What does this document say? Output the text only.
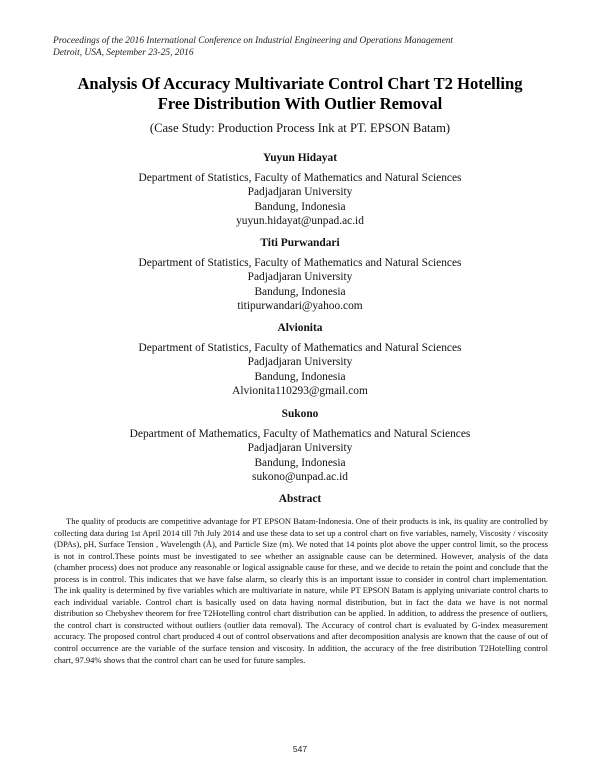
Proceedings of the 2016 International Conference on Industrial Engineering and Operations Management
Detroit, USA, September 23-25, 2016
Analysis Of Accuracy Multivariate Control Chart T2 Hotelling
Free Distribution With Outlier Removal
(Case Study: Production Process Ink at PT. EPSON Batam)
Yuyun Hidayat
Department of Statistics, Faculty of Mathematics and Natural Sciences
Padjadjaran University
Bandung, Indonesia
yuyun.hidayat@unpad.ac.id
Titi Purwandari
Department of Statistics, Faculty of Mathematics and Natural Sciences
Padjadjaran University
Bandung, Indonesia
titipurwandari@yahoo.com
Alvionita
Department of Statistics, Faculty of Mathematics and Natural Sciences
Padjadjaran University
Bandung, Indonesia
Alvionita110293@gmail.com
Sukono
Department of Mathematics, Faculty of Mathematics and Natural Sciences
Padjadjaran University
Bandung, Indonesia
sukono@unpad.ac.id
Abstract
The quality of products are competitive advantage for PT EPSON Batam-Indonesia. One of their products is ink, its quality are controlled by collecting data during 1st April 2014 till 7th July 2014 and use these data to set up a control chart on five variables, namely, Viscosity / viscosity (DPAs), pH, Surface Tension , Wavelength (Å), and Particle Size (m). We noted that 14 points plot above the upper control limit, so the process is not in control.These points must be investigated to see whether an assignable cause can be determined. However, analysis of the data (chamber process) does not produce any reasonable or logical assignable cause for these, and we decide to retain the point and conclude that the process is in control. This indicates that we have false alarm, so clearly this is an important issue to consider in control chart implementation. The ink quality is determined by five variables which are multivariate in nature, while PT EPSON Batam is applying univariate control charts to each individual variable. Control chart is basically used on data having normal distribution, but in fact the data we have is not normal distribution so Chebyshev theorem for free T2Hotelling control chart distribution can be applied. In addition, to address the presence of outliers, the control chart is constructed without outliers (outlier data removal). The Accuracy of control chart is evaluated by G-index measurement accuracy. The proposed control chart produced 4 out of control observations and after decomposition analysis are known that the cause of out of control occurrence are the variable of the surface tension and viscosity. In addition, the accuracy of the free distribution T2Hotelling control chart, 97.94% shows that the control chart can be used for future samples.
547
